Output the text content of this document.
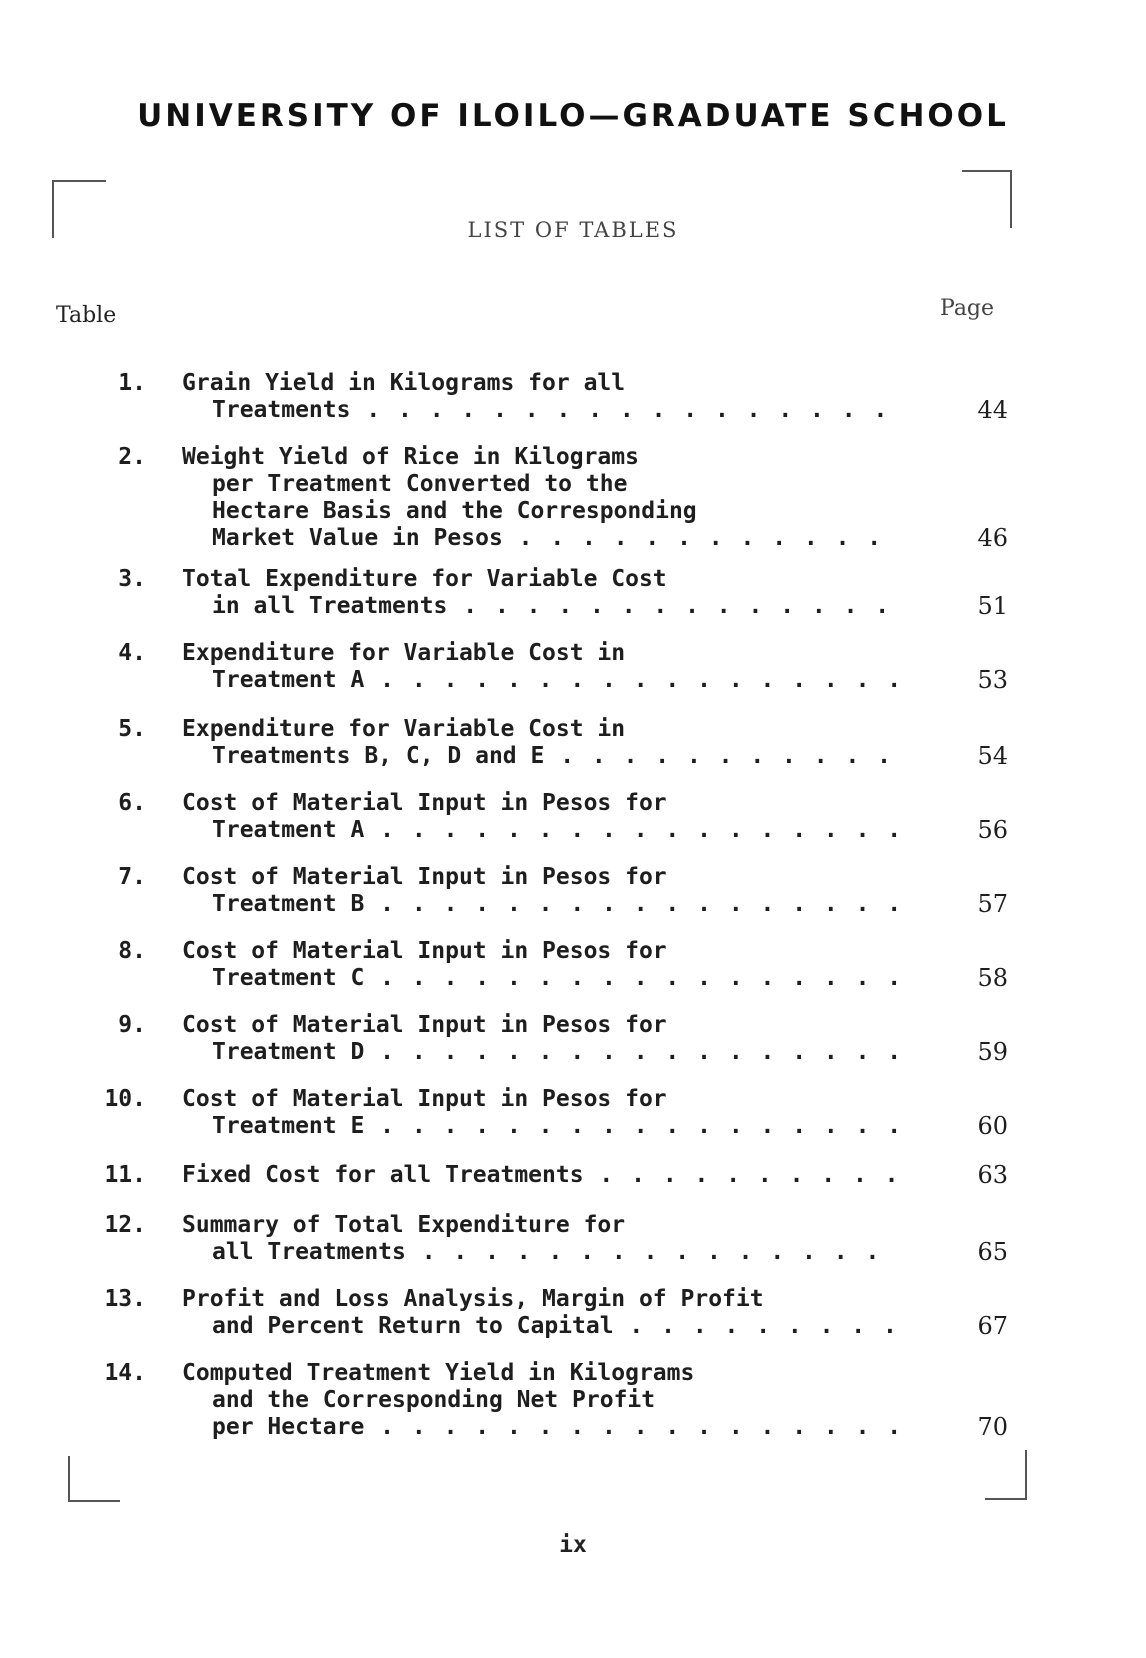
UNIVERSITY OF ILOILO—GRADUATE SCHOOL
LIST OF TABLES
Table	Page
1. Grain Yield in Kilograms for all
Treatments . . .	44
2. Weight Yield of Rice in Kilograms
per Treatment Converted to the
Hectare Basis and the Corresponding
Market Value in Pesos . . .	46
3. Total Expenditure for Variable Cost
in all Treatments . . .	51
4. Expenditure for Variable Cost in
Treatment A . . .	53
5. Expenditure for Variable Cost in
Treatments B, C, D and E . . .	54
6. Cost of Material Input in Pesos for
Treatment A . . .	56
7. Cost of Material Input in Pesos for
Treatment B . . .	57
8. Cost of Material Input in Pesos for
Treatment C . . .	58
9. Cost of Material Input in Pesos for
Treatment D . . .	59
10. Cost of Material Input in Pesos for
Treatment E . . .	60
11. Fixed Cost for all Treatments . . .	63
12. Summary of Total Expenditure for
all Treatments . . .	65
13. Profit and Loss Analysis, Margin of Profit
and Percent Return to Capital . . .	67
14. Computed Treatment Yield in Kilograms
and the Corresponding Net Profit
per Hectare . . .	70
ix
